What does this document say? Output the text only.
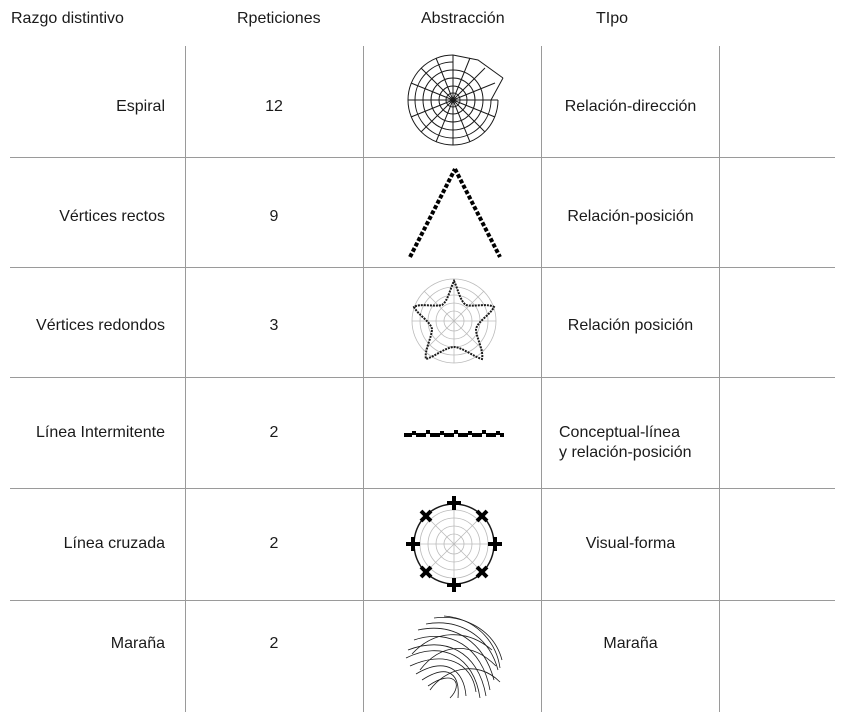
Razgo distintivo	Rpeticiones	Abstracción	TIpo
Espiral	12	Relación-dirección
Vértices rectos	9	Relación-posición
Vértices redondos	3	Relación posición
Línea Intermitente	2	Conceptual-línea
y relación-posición
Línea cruzada	2	Visual-forma
Maraña	2	Maraña
